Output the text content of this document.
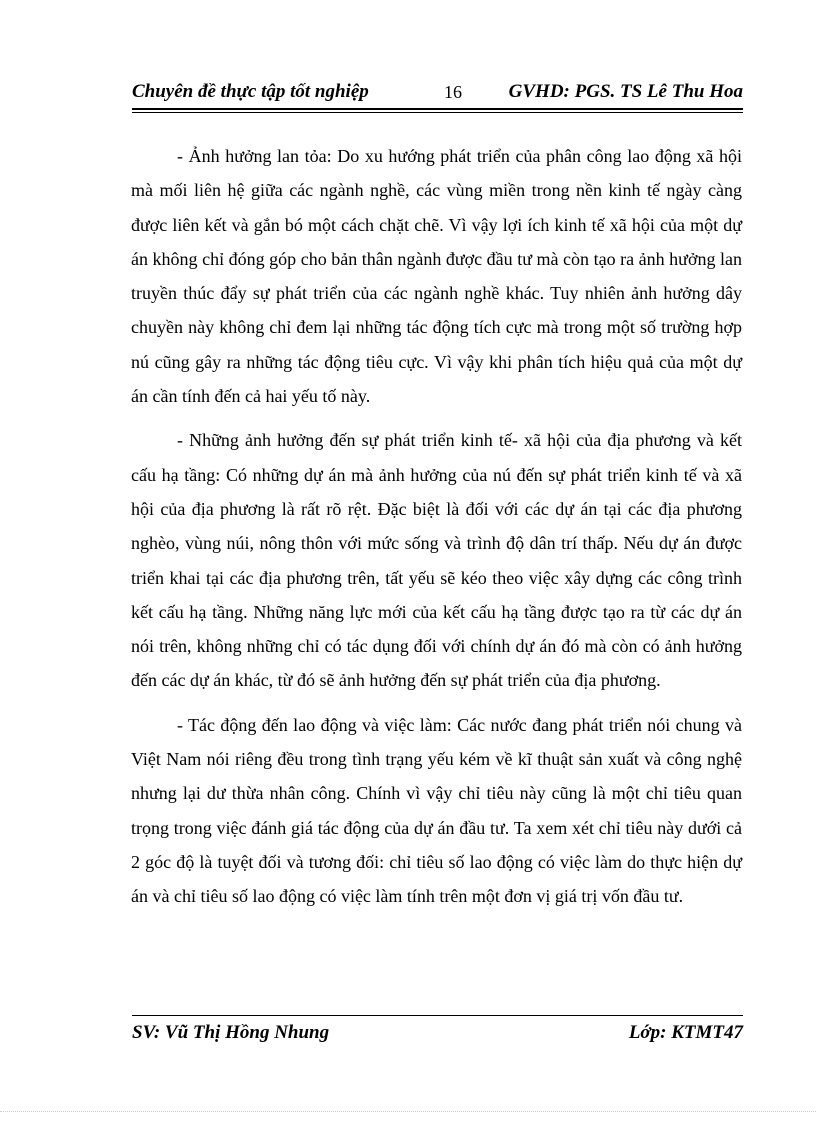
Chuyên đề thực tập tốt nghiệp	16 GVHD: PGS. TS Lê Thu Hoa

- Ảnh hưởng lan tỏa: Do xu hướng phát triển của phân công lao động xã hội mà mối liên hệ giữa các ngành nghề, các vùng miền trong nền kinh tế ngày càng được liên kết và gắn bó một cách chặt chẽ. Vì vậy lợi ích kinh tế xã hội của một dự án không chỉ đóng góp cho bản thân ngành được đầu tư mà còn tạo ra ảnh hưởng lan truyền thúc đẩy sự phát triển của các ngành nghề khác. Tuy nhiên ảnh hưởng dây chuyền này không chỉ đem lại những tác động tích cực mà trong một số trường hợp nú cũng gây ra những tác động tiêu cực. Vì vậy khi phân tích hiệu quả của một dự án cần tính đến cả hai yếu tố này.

- Những ảnh hưởng đến sự phát triển kinh tế- xã hội của địa phương và kết cấu hạ tầng: Có những dự án mà ảnh hưởng của nú đến sự phát triển kinh tế và xã hội của địa phương là rất rõ rệt. Đặc biệt là đối với các dự án tại các địa phương nghèo, vùng núi, nông thôn với mức sống và trình độ dân trí thấp. Nếu dự án được triển khai tại các địa phương trên, tất yếu sẽ kéo theo việc xây dựng các công trình kết cấu hạ tầng. Những năng lực mới của kết cấu hạ tầng được tạo ra từ các dự án nói trên, không những chỉ có tác dụng đối với chính dự án đó mà còn có ảnh hưởng đến các dự án khác, từ đó sẽ ảnh hưởng đến sự phát triển của địa phương.

- Tác động đến lao động và việc làm: Các nước đang phát triển nói chung và Việt Nam nói riêng đều trong tình trạng yếu kém về kĩ thuật sản xuất và công nghệ nhưng lại dư thừa nhân công. Chính vì vậy chỉ tiêu này cũng là một chỉ tiêu quan trọng trong việc đánh giá tác động của dự án đầu tư. Ta xem xét chỉ tiêu này dưới cả 2 góc độ là tuyệt đối và tương đối: chỉ tiêu số lao động có việc làm do thực hiện dự án và chỉ tiêu số lao động có việc làm tính trên một đơn vị giá trị vốn đầu tư.

SV: Vũ Thị Hồng Nhung	Lớp: KTMT47
